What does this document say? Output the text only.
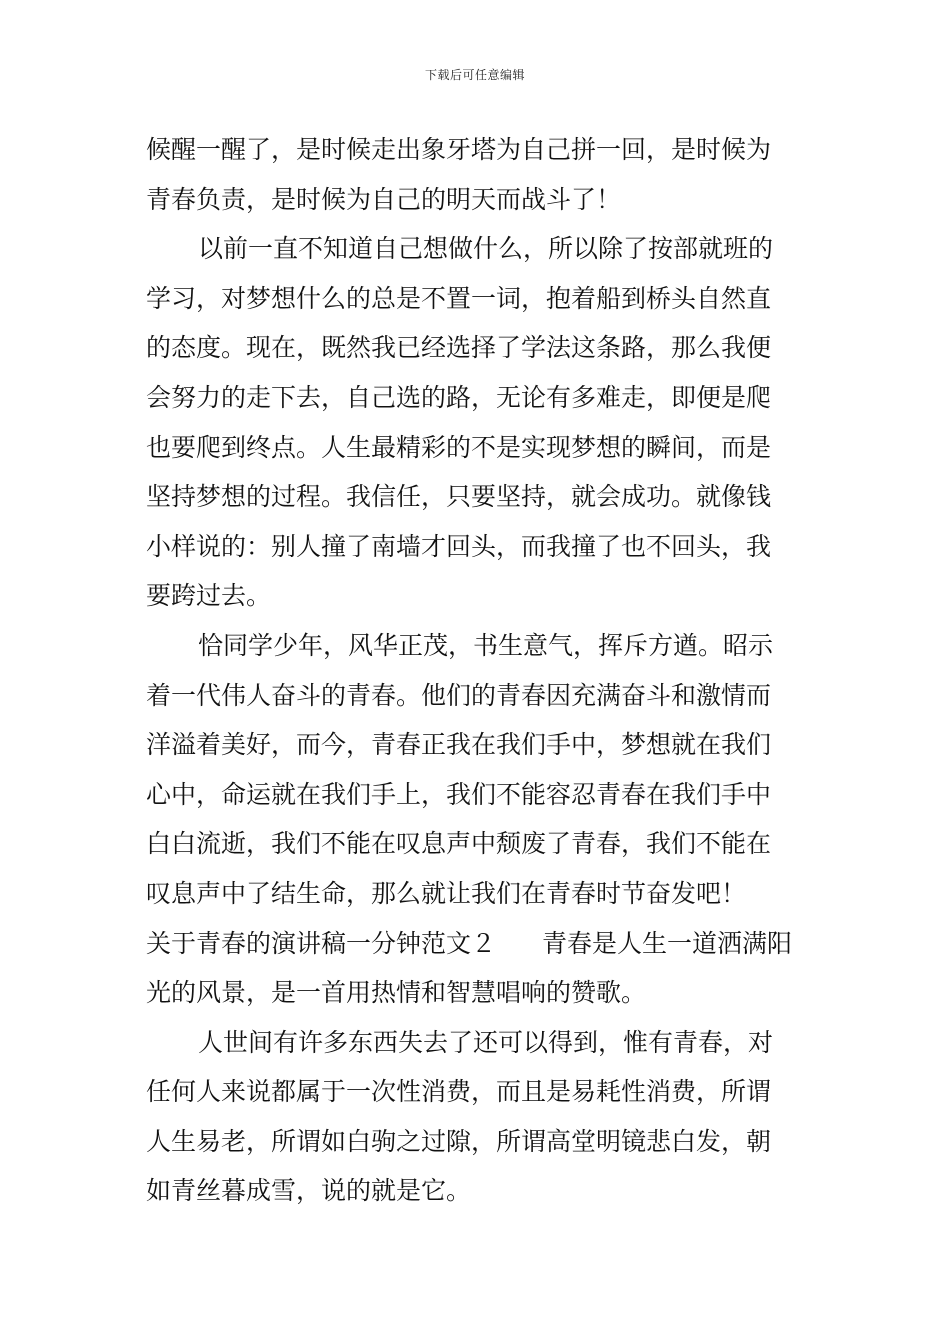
下载后可任意编辑
候醒一醒了，是时候走出象牙塔为自己拼一回，是时候为
青春负责，是时候为自己的明天而战斗了！
以前一直不知道自己想做什么，所以除了按部就班的
学习，对梦想什么的总是不置一词，抱着船到桥头自然直
的态度。现在，既然我已经选择了学法这条路，那么我便
会努力的走下去，自己选的路，无论有多难走，即便是爬
也要爬到终点。人生最精彩的不是实现梦想的瞬间，而是
坚持梦想的过程。我信任，只要坚持，就会成功。就像钱
小样说的：别人撞了南墙才回头，而我撞了也不回头，我
要跨过去。
恰同学少年，风华正茂，书生意气，挥斥方遒。昭示
着一代伟人奋斗的青春。他们的青春因充满奋斗和激情而
洋溢着美好，而今，青春正我在我们手中，梦想就在我们
心中，命运就在我们手上，我们不能容忍青春在我们手中
白白流逝，我们不能在叹息声中颓废了青春，我们不能在
叹息声中了结生命，那么就让我们在青春时节奋发吧！
关于青春的演讲稿一分钟范文２ 青春是人生一道洒满阳
光的风景，是一首用热情和智慧唱响的赞歌。
人世间有许多东西失去了还可以得到，惟有青春，对
任何人来说都属于一次性消费，而且是易耗性消费，所谓
人生易老，所谓如白驹之过隙，所谓高堂明镜悲白发，朝
如青丝暮成雪，说的就是它。
